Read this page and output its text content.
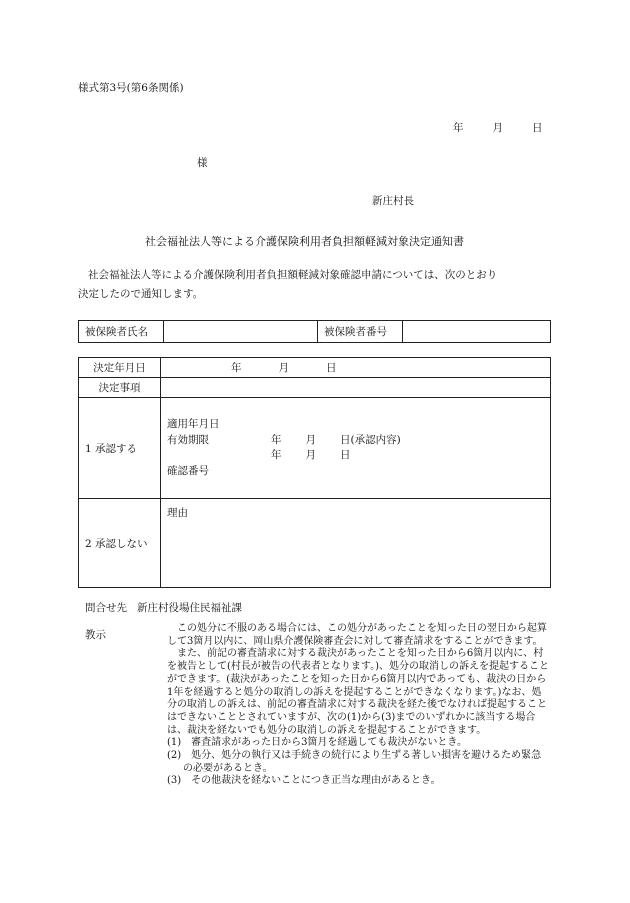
様式第3号(第6条関係)
年	月	日
様
新庄村長
社会福祉法人等による介護保険利用者負担額軽減対象決定通知書
社会福祉法人等による介護保険利用者負担額軽減対象確認申請については、次のとおり
決定したので通知します。
被保険者氏名		被保険者番号	
決定年月日	年 月 日
決定事項	
1 承認する	適用年月日
有効期限 年 月 日(承認内容)
年 月 日
確認番号

2 承認しない	理由
問合せ先 新庄村役場住民福祉課
教示

この処分に不服のある場合には、この処分があったことを知った日の翌日から起算して3箇月以内に、岡山県介護保険審査会に対して審査請求をすることができます。

また、前記の審査請求に対する裁決があったことを知った日から6箇月以内に、村を被告として(村長が被告の代表者となります。)、処分の取消しの訴えを提起することができます。(裁決があったことを知った日から6箇月以内であっても、裁決の日から1年を経過すると処分の取消しの訴えを提起することができなくなります。)なお、処分の取消しの訴えは、前記の審査請求に対する裁決を経た後でなければ提起することはできないこととされていますが、次の(1)から(3)までのいずれかに該当する場合は、裁決を経ないでも処分の取消しの訴えを提起することができます。

(1)　審査請求があった日から3箇月を経過しても裁決がないとき。

(2)　処分、処分の執行又は手続きの続行により生ずる著しい損害を避けるため緊急の必要があるとき。

(3)　その他裁決を経ないことにつき正当な理由があるとき。
